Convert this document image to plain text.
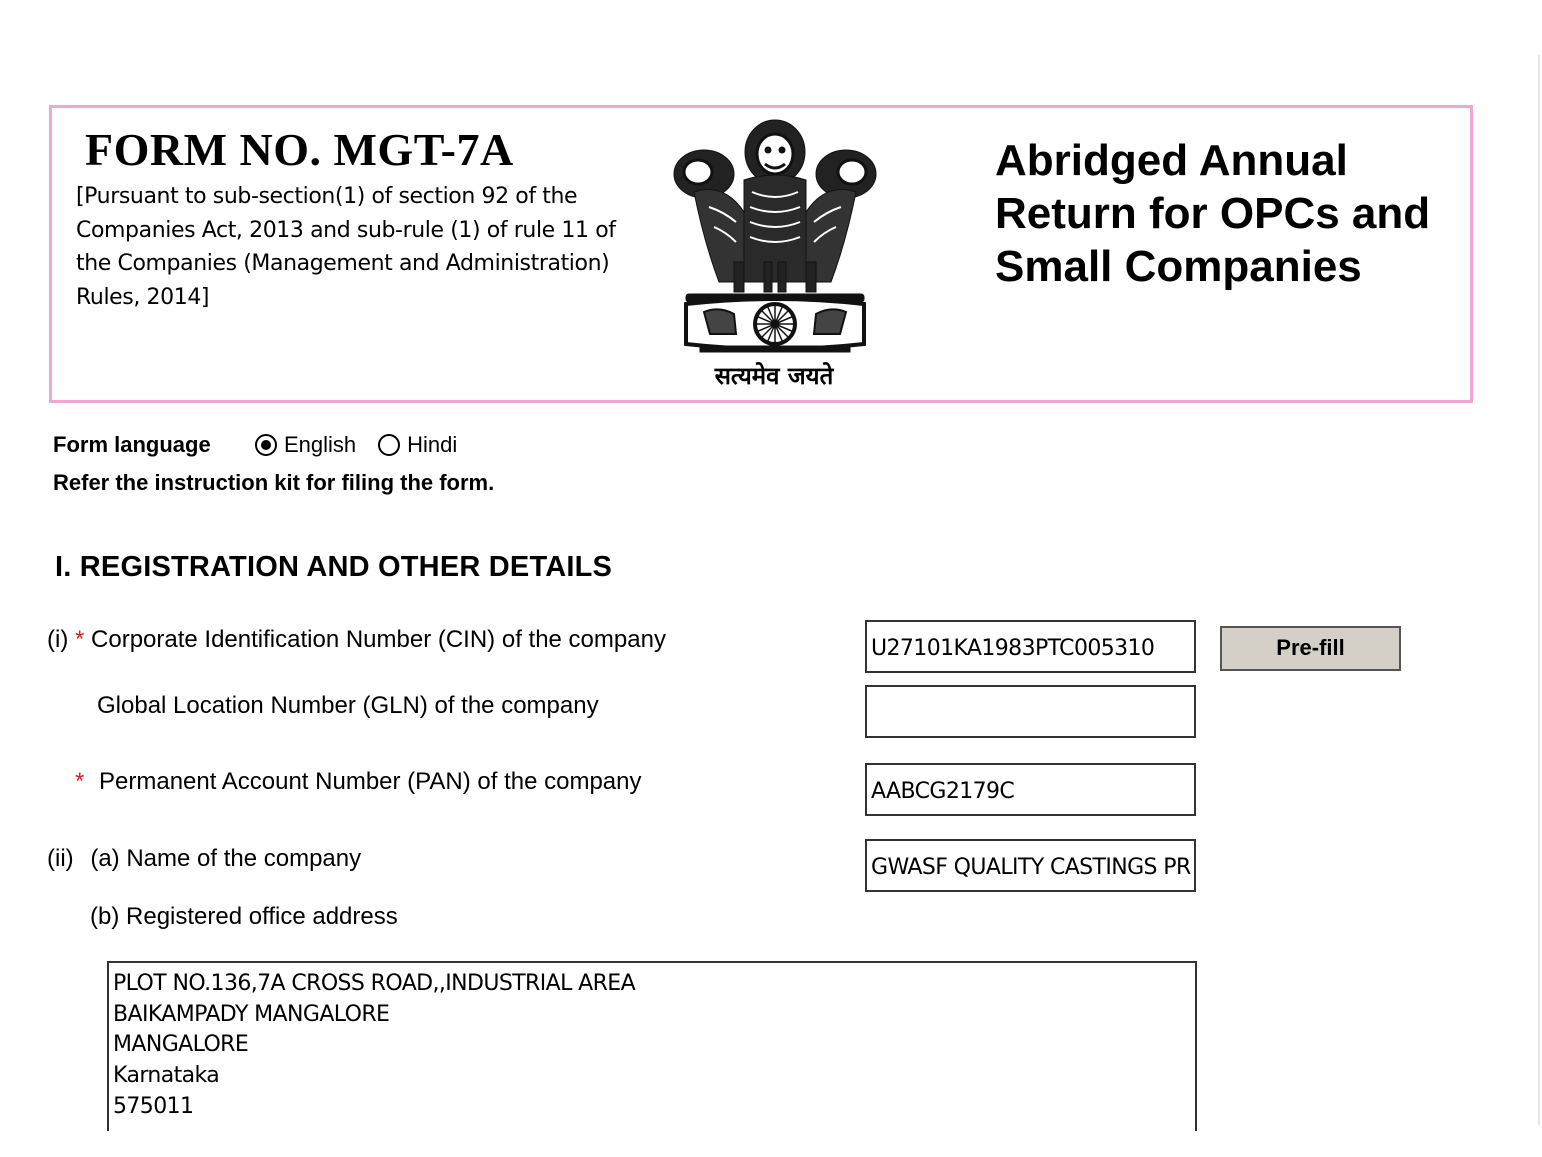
FORM NO. MGT-7A

[Pursuant to sub-section(1) of section 92 of the Companies Act, 2013 and sub-rule (1) of rule 11 of the Companies (Management and Administration) Rules, 2014]

सत्यमेव जयते
Abridged Annual Return for OPCs and Small Companies
Form language	English Hindi
Refer the instruction kit for filing the form.
I. REGISTRATION AND OTHER DETAILS
(i) * Corporate Identification Number (CIN) of the company	U27101KA1983PTC005310	Pre-fill
Global Location Number (GLN) of the company
* Permanent Account Number (PAN) of the company	AABCG2179C
(ii) (a) Name of the company	GWASF QUALITY CASTINGS PR
(b) Registered office address
PLOT NO.136,7A CROSS ROAD,,INDUSTRIAL AREA
BAIKAMPADY MANGALORE
MANGALORE
Karnataka
575011
